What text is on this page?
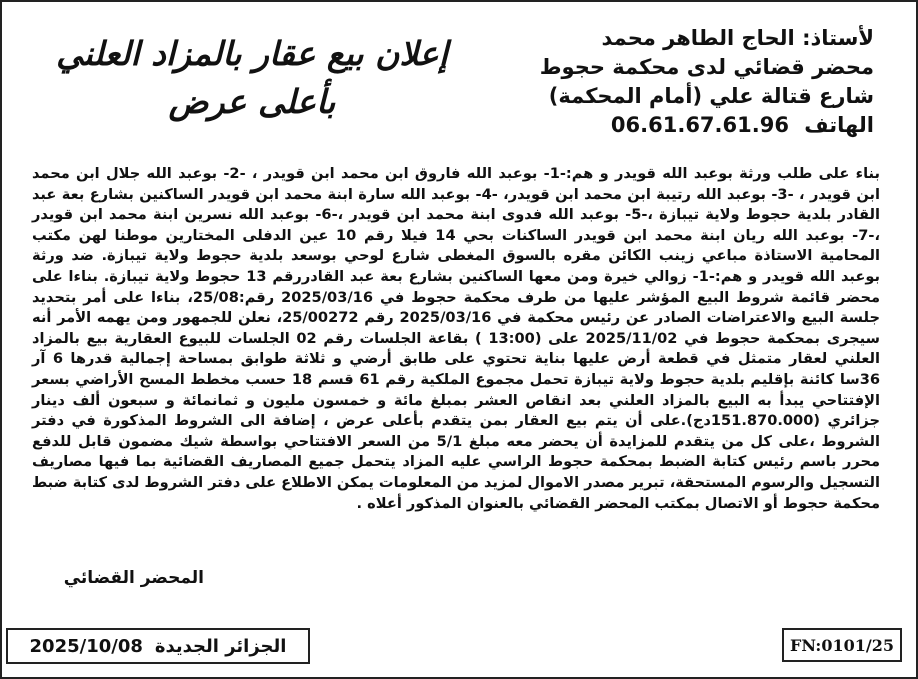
لأستاذ: الحاج الطاهر محمد
محضر قضائي لدى محكمة حجوط
شارع قتالة علي (أمام المحكمة)
الهاتف 06.61.67.61.96
إعلان بيع عقار بالمزاد العلني
بأعلى عرض
بناء على طلب ورثة بوعبد الله قويدر و هم:-1- بوعبد الله فاروق ابن محمد ابن قويدر ، -2- بوعبد الله جلال ابن محمد ابن قويدر ، -3- بوعبد الله رتيبة ابن محمد ابن قويدر، -4- بوعبد الله سارة ابنة محمد ابن قويدر الساكنين بشارع بعة عبد القادر بلدية حجوط ولاية تيبازة ،-5- بوعبد الله فدوى ابنة محمد ابن قويدر ،-6- بوعبد الله نسرين ابنة محمد ابن قويدر ،-7- بوعبد الله ريان ابنة محمد ابن قويدر الساكنات بحي 14 فيلا رقم 10 عين الدفلى المختارين موطنا لهن مكتب المحامية الاستاذة مباعي زينب الكائن مقره بالسوق المغطى شارع لوحي بوسعد بلدية حجوط ولاية تيبازة. ضد ورثة بوعبد الله قويدر و هم:-1- زوالي خيرة ومن معها الساكنين بشارع بعة عبد القادررقم 13 حجوط ولاية تيبازة. بناءا على محضر قائمة شروط البيع المؤشر عليها من طرف محكمة حجوط في 2025/03/16 رقم:25/08، بناءا على أمر بتحديد جلسة البيع والاعتراضات الصادر عن رئيس محكمة في 2025/03/16 رقم 25/00272، نعلن للجمهور ومن يهمه الأمر أنه سيجرى بمحكمة حجوط في 2025/11/02 على (13:00 ) بقاعة الجلسات رقم 02 الجلسات للبيوع العقارية بيع بالمزاد العلني لعقار متمثل في قطعة أرض عليها بناية تحتوي على طابق أرضي و ثلاثة طوابق بمساحة إجمالية قدرها 6 آر 36سا كائنة بإقليم بلدية حجوط ولاية تيبازة تحمل مجموع الملكية رقم 61 قسم 18 حسب مخطط المسح الأراضي بسعر الإفتتاحي يبدأ به البيع بالمزاد العلني بعد انقاص العشر بمبلغ مائة و خمسون مليون و ثمانمائة و سبعون ألف دينار جزائري (151.870.000دج).على أن يتم بيع العقار بمن يتقدم بأعلى عرض ، إضافة الى الشروط المذكورة في دفتر الشروط ،على كل من يتقدم للمزايدة أن يحضر معه مبلغ 5/1 من السعر الافتتاحي بواسطة شيك مضمون قابل للدفع محرر باسم رئيس كتابة الضبط بمحكمة حجوط الراسي عليه المزاد يتحمل جميع المصاريف القضائية بما فيها مصاريف التسجيل والرسوم المستحقة، تبرير مصدر الاموال لمزيد من المعلومات يمكن الاطلاع على دفتر الشروط لدى كتابة ضبط محكمة حجوط أو الاتصال بمكتب المحضر القضائي بالعنوان المذكور أعلاه .
المحضر القضائي
2025/10/08 الجزائر الجديدة	FN:0101/25
